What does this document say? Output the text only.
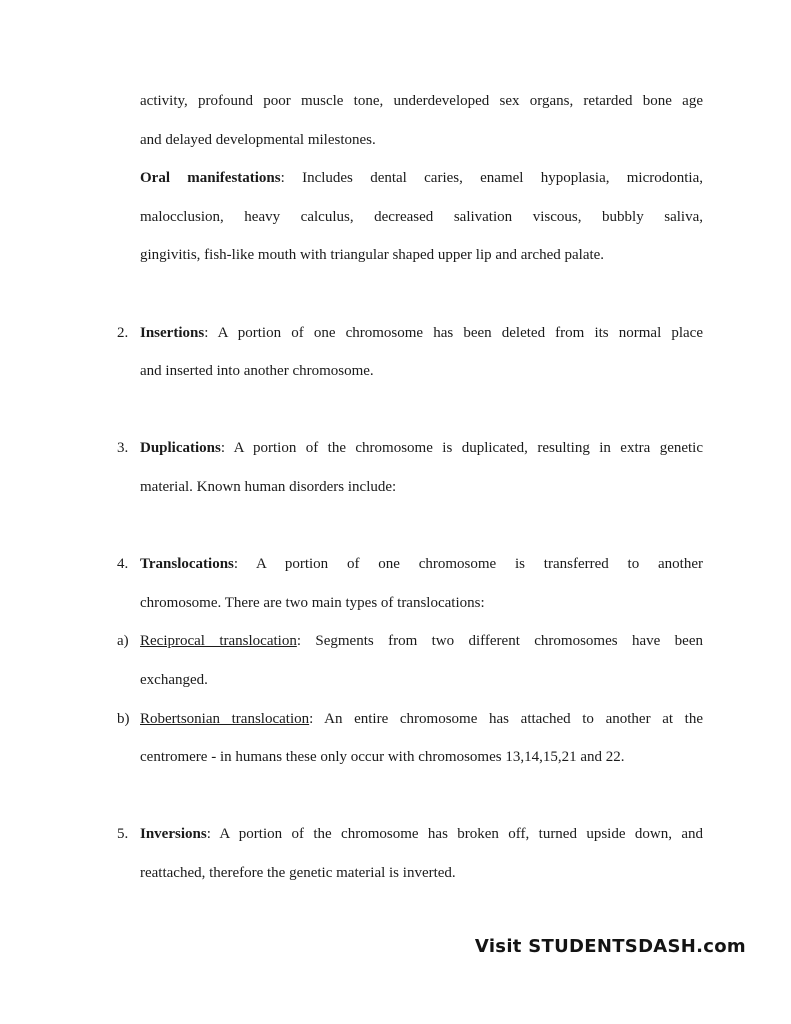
activity, profound poor muscle tone, underdeveloped sex organs, retarded bone age
and delayed developmental milestones.
Oral manifestations: Includes dental caries, enamel hypoplasia, microdontia,
malocclusion, heavy calculus, decreased salivation viscous, bubbly saliva,
gingivitis, fish-like mouth with triangular shaped upper lip and arched palate.
2. Insertions: A portion of one chromosome has been deleted from its normal place
and inserted into another chromosome.
3. Duplications: A portion of the chromosome is duplicated, resulting in extra genetic
material. Known human disorders include:
4. Translocations: A portion of one chromosome is transferred to another
chromosome. There are two main types of translocations:
a) Reciprocal translocation: Segments from two different chromosomes have been
exchanged.
b) Robertsonian translocation: An entire chromosome has attached to another at the
centromere - in humans these only occur with chromosomes 13,14,15,21 and 22.
5. Inversions: A portion of the chromosome has broken off, turned upside down, and
reattached, therefore the genetic material is inverted.
Visit STUDENTSDASH.com
